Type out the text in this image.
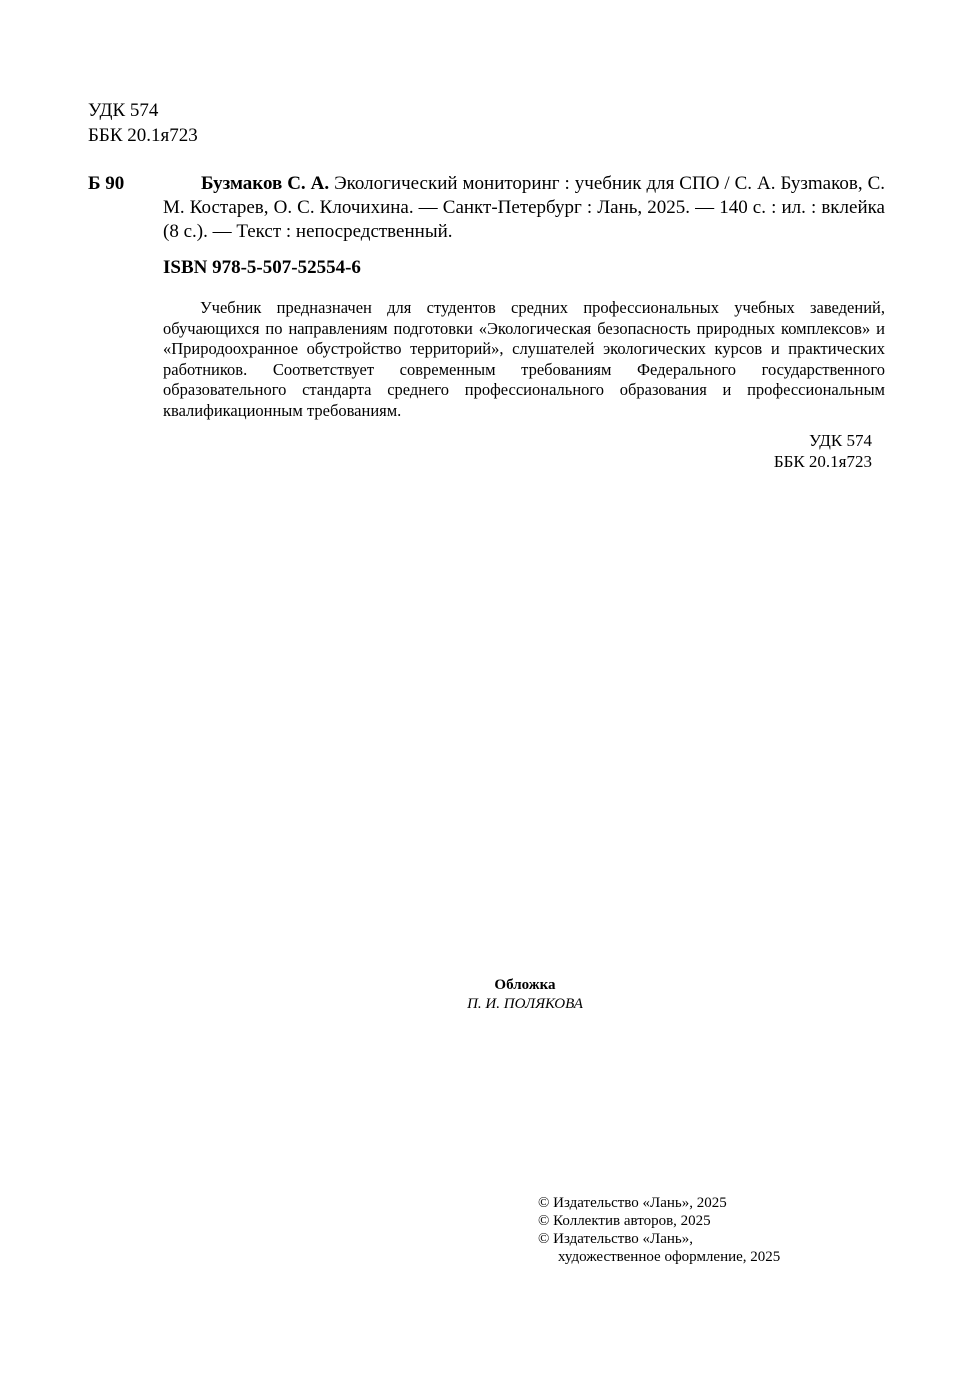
УДК 574
ББК 20.1я723
Б 90	Бузмаков С. А. Экологический мониторинг : учебник для СПО / С. А. Бузmаков, С. М. Костарев, О. С. Клочихина. — Санкт-Петербург : Лань, 2025. — 140 с. : ил. : вклейка (8 с.). — Текст : непосредственный.
ISBN 978-5-507-52554-6
Учебник предназначен для студентов средних профессиональных учебных заведений, обучающихся по направлениям подготовки «Экологическая безопасность природных комплексов» и «Природоохранное обустройство территорий», слушателей экологических курсов и практических работников. Соответствует современным требованиям Федерального государственного образовательного стандарта среднего профессионального образования и профессиональным квалификационным требованиям.
УДК 574
ББК 20.1я723
Обложка
П. И. ПОЛЯКОВА
© Издательство «Лань», 2025
© Коллектив авторов, 2025
© Издательство «Лань»,
художественное оформление, 2025
